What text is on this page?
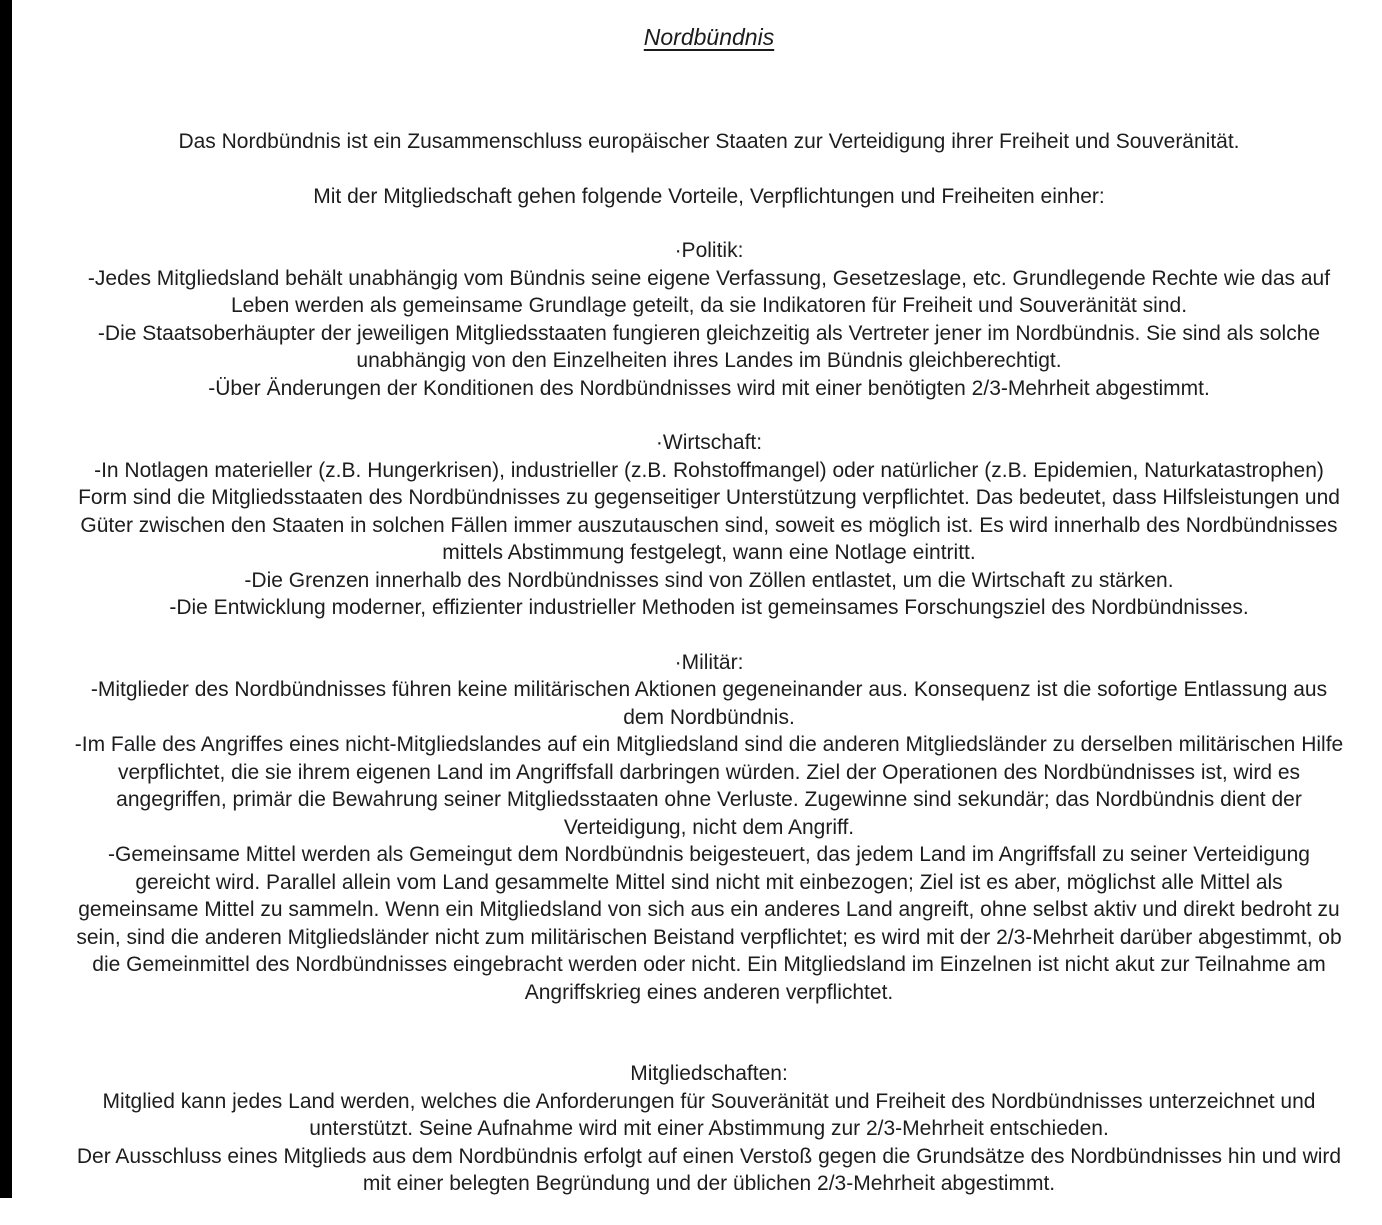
Nordbündnis

Das Nordbündnis ist ein Zusammenschluss europäischer Staaten zur Verteidigung ihrer Freiheit und Souveränität.

Mit der Mitgliedschaft gehen folgende Vorteile, Verpflichtungen und Freiheiten einher:

·Politik:

-Jedes Mitgliedsland behält unabhängig vom Bündnis seine eigene Verfassung, Gesetzeslage, etc. Grundlegende Rechte wie das auf Leben werden als gemeinsame Grundlage geteilt, da sie Indikatoren für Freiheit und Souveränität sind.

-Die Staatsoberhäupter der jeweiligen Mitgliedsstaaten fungieren gleichzeitig als Vertreter jener im Nordbündnis. Sie sind als solche unabhängig von den Einzelheiten ihres Landes im Bündnis gleichberechtigt.

-Über Änderungen der Konditionen des Nordbündnisses wird mit einer benötigten 2/3-Mehrheit abgestimmt.

·Wirtschaft:

-In Notlagen materieller (z.B. Hungerkrisen), industrieller (z.B. Rohstoffmangel) oder natürlicher (z.B. Epidemien, Naturkatastrophen) Form sind die Mitgliedsstaaten des Nordbündnisses zu gegenseitiger Unterstützung verpflichtet. Das bedeutet, dass Hilfsleistungen und Güter zwischen den Staaten in solchen Fällen immer auszutauschen sind, soweit es möglich ist. Es wird innerhalb des Nordbündnisses mittels Abstimmung festgelegt, wann eine Notlage eintritt.

-Die Grenzen innerhalb des Nordbündnisses sind von Zöllen entlastet, um die Wirtschaft zu stärken.

-Die Entwicklung moderner, effizienter industrieller Methoden ist gemeinsames Forschungsziel des Nordbündnisses.

·Militär:

-Mitglieder des Nordbündnisses führen keine militärischen Aktionen gegeneinander aus. Konsequenz ist die sofortige Entlassung aus dem Nordbündnis.

-Im Falle des Angriffes eines nicht-Mitgliedslandes auf ein Mitgliedsland sind die anderen Mitgliedsländer zu derselben militärischen Hilfe verpflichtet, die sie ihrem eigenen Land im Angriffsfall darbringen würden. Ziel der Operationen des Nordbündnisses ist, wird es angegriffen, primär die Bewahrung seiner Mitgliedsstaaten ohne Verluste. Zugewinne sind sekundär; das Nordbündnis dient der Verteidigung, nicht dem Angriff.

-Gemeinsame Mittel werden als Gemeingut dem Nordbündnis beigesteuert, das jedem Land im Angriffsfall zu seiner Verteidigung gereicht wird. Parallel allein vom Land gesammelte Mittel sind nicht mit einbezogen; Ziel ist es aber, möglichst alle Mittel als gemeinsame Mittel zu sammeln. Wenn ein Mitgliedsland von sich aus ein anderes Land angreift, ohne selbst aktiv und direkt bedroht zu sein, sind die anderen Mitgliedsländer nicht zum militärischen Beistand verpflichtet; es wird mit der 2/3-Mehrheit darüber abgestimmt, ob die Gemeinmittel des Nordbündnisses eingebracht werden oder nicht. Ein Mitgliedsland im Einzelnen ist nicht akut zur Teilnahme am Angriffskrieg eines anderen verpflichtet.

Mitgliedschaften:

Mitglied kann jedes Land werden, welches die Anforderungen für Souveränität und Freiheit des Nordbündnisses unterzeichnet und unterstützt. Seine Aufnahme wird mit einer Abstimmung zur 2/3-Mehrheit entschieden.

Der Ausschluss eines Mitglieds aus dem Nordbündnis erfolgt auf einen Verstoß gegen die Grundsätze des Nordbündnisses hin und wird mit einer belegten Begründung und der üblichen 2/3-Mehrheit abgestimmt.
